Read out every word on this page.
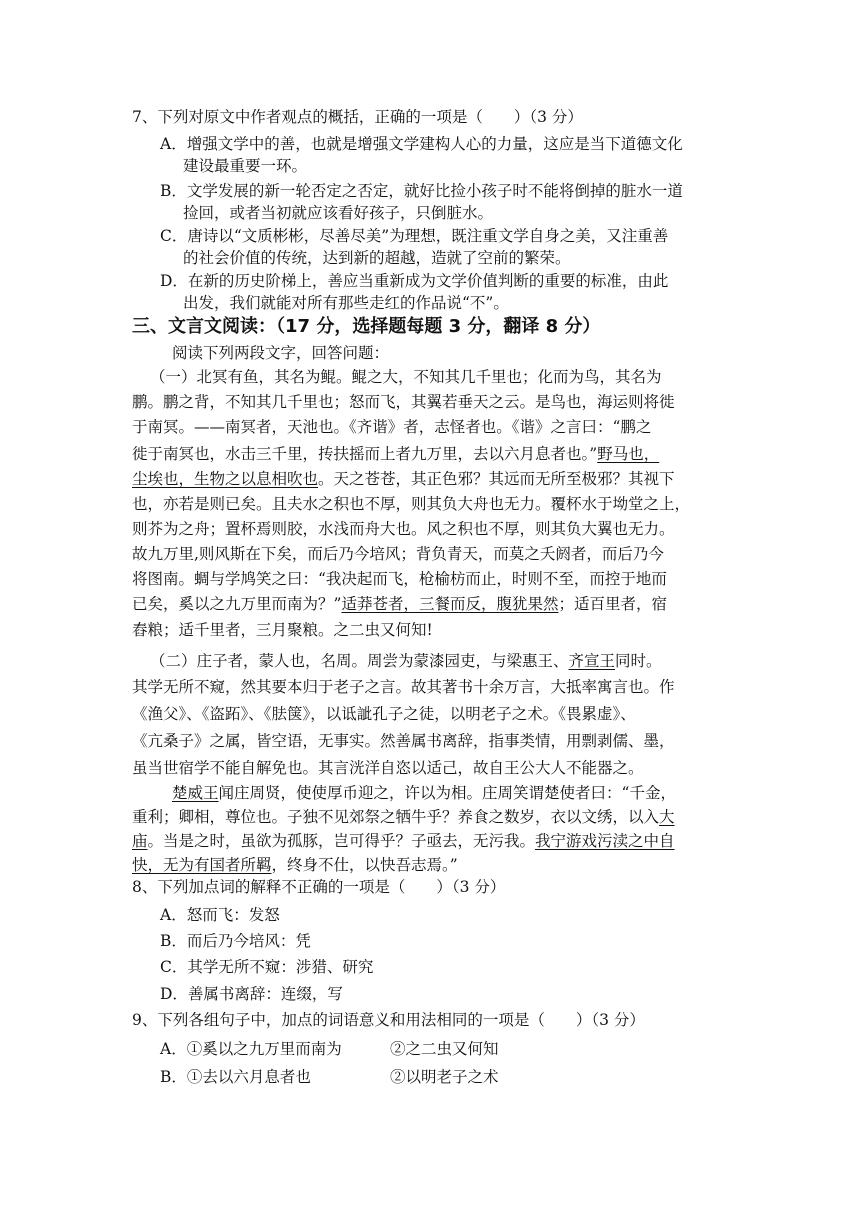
7、下列对原文中作者观点的概括，正确的一项是（　　）（3 分）
A．增强文学中的善，也就是增强文学建构人心的力量，这应是当下道德文化
建设最重要一环。
B．文学发展的新一轮否定之否定，就好比捡小孩子时不能将倒掉的脏水一道
捡回，或者当初就应该看好孩子，只倒脏水。
C．唐诗以“文质彬彬，尽善尽美”为理想，既注重文学自身之美，又注重善
的社会价值的传统，达到新的超越，造就了空前的繁荣。
D．在新的历史阶梯上，善应当重新成为文学价值判断的重要的标准，由此
出发，我们就能对所有那些走红的作品说“不”。
三、文言文阅读：（17 分，选择题每题 3 分，翻译 8 分）
阅读下列两段文字，回答问题：
（一）北冥有鱼，其名为鲲。鲲之大，不知其几千里也；化而为鸟，其名为
鹏。鹏之背，不知其几千里也；怒而飞，其翼若垂天之云。是鸟也，海运则将徙
于南冥。——南冥者，天池也。《齐谐》者，志怪者也。《谐》之言曰：“鹏之
徙于南冥也，水击三千里，抟扶摇而上者九万里，去以六月息者也。”野马也，
尘埃也，生物之以息相吹也。天之苍苍，其正色邪？其远而无所至极邪？其视下
也，亦若是则已矣。且夫水之积也不厚，则其负大舟也无力。覆杯水于坳堂之上，
则芥为之舟；置杯焉则胶，水浅而舟大也。风之积也不厚，则其负大翼也无力。
故九万里,则风斯在下矣，而后乃今培风；背负青天，而莫之夭阏者，而后乃今
将图南。蜩与学鸠笑之曰：“我决起而飞，枪榆枋而止，时则不至，而控于地而
已矣，奚以之九万里而南为？”适莽苍者，三餐而反，腹犹果然；适百里者，宿
舂粮；适千里者，三月聚粮。之二虫又何知!
（二）庄子者，蒙人也，名周。周尝为蒙漆园吏，与梁惠王、齐宣王同时。
其学无所不窥，然其要本归于老子之言。故其著书十余万言，大抵率寓言也。作
《渔父》、《盗跖》、《胠箧》，以诋訿孔子之徒，以明老子之术。《畏累虚》、
《亢桑子》之属，皆空语，无事实。然善属书离辞，指事类情，用剽剥儒、墨，
虽当世宿学不能自解免也。其言洸洋自恣以适己，故自王公大人不能器之。
楚威王闻庄周贤，使使厚币迎之，许以为相。庄周笑谓楚使者曰：“千金，
重利；卿相，尊位也。子独不见郊祭之牺牛乎？养食之数岁，衣以文绣，以入大
庙。当是之时，虽欲为孤豚，岂可得乎？子亟去，无污我。我宁游戏污渎之中自
快，无为有国者所羁，终身不仕，以快吾志焉。”
8、下列加点词的解释不正确的一项是（　　）（3 分）
A．怒而飞：发怒
B．而后乃今培风：凭
C．其学无所不窥：涉猎、研究
D．善属书离辞：连缀，写
9、下列各组句子中，加点的词语意义和用法相同的一项是（　　）（3 分）
A．①奚以之九万里而南为	②之二虫又何知
B．①去以六月息者也	②以明老子之术
